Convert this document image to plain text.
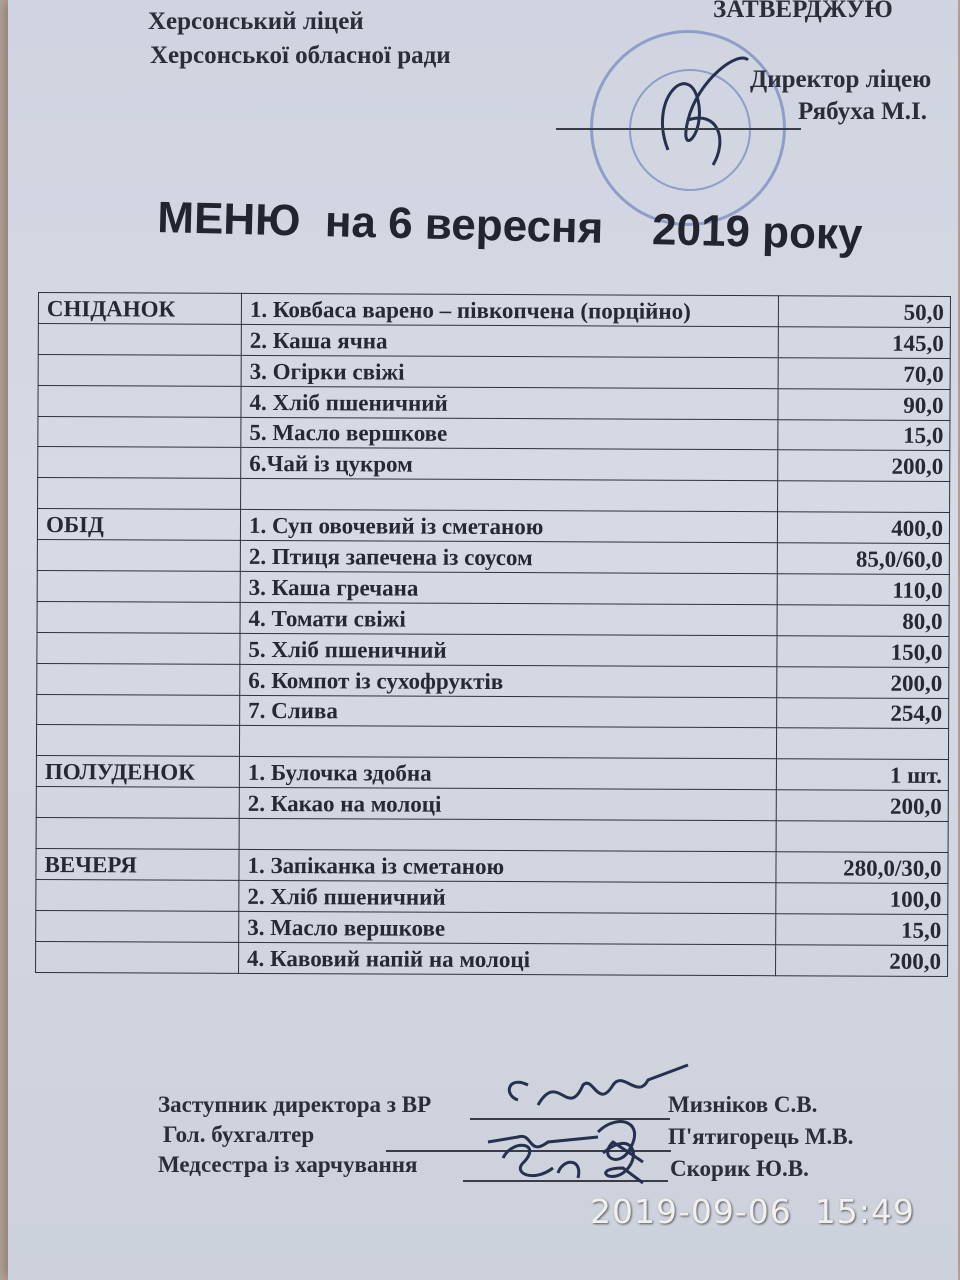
Херсонський ліцей
Херсонської обласної ради
ЗАТВЕРДЖУЮ
Директор ліцею
Рябуха М.І.
МЕНЮ  на 6 вересня    2019 року
СНІДАНОК	1. Ковбаса варено – півкопчена (порційно)	50,0
	2. Каша ячна	145,0
	3. Огірки свіжі	70,0
	4. Хліб пшеничний	90,0
	5. Масло вершкове	15,0
	6.Чай із цукром	200,0

ОБІД	1. Суп овочевий із сметаною	400,0
	2. Птиця запечена із соусом	85,0/60,0
	3. Каша гречана	110,0
	4. Томати свіжі	80,0
	5. Хліб пшеничний	150,0
	6. Компот із сухофруктів	200,0
	7. Слива	254,0

ПОЛУДЕНОК	1. Булочка здобна	1 шт.
	2. Какао на молоці	200,0

ВЕЧЕРЯ	1. Запіканка із сметаною	280,0/30,0
	2. Хліб пшеничний	100,0
	3. Масло вершкове	15,0
	4. Кавовий напій на молоці	200,0
Заступник директора з ВР	Мизніков С.В.
Гол. бухгалтер	П'ятигорець М.В.
Медсестра із харчування	Скорик Ю.В.
2019-09-06  15:49
